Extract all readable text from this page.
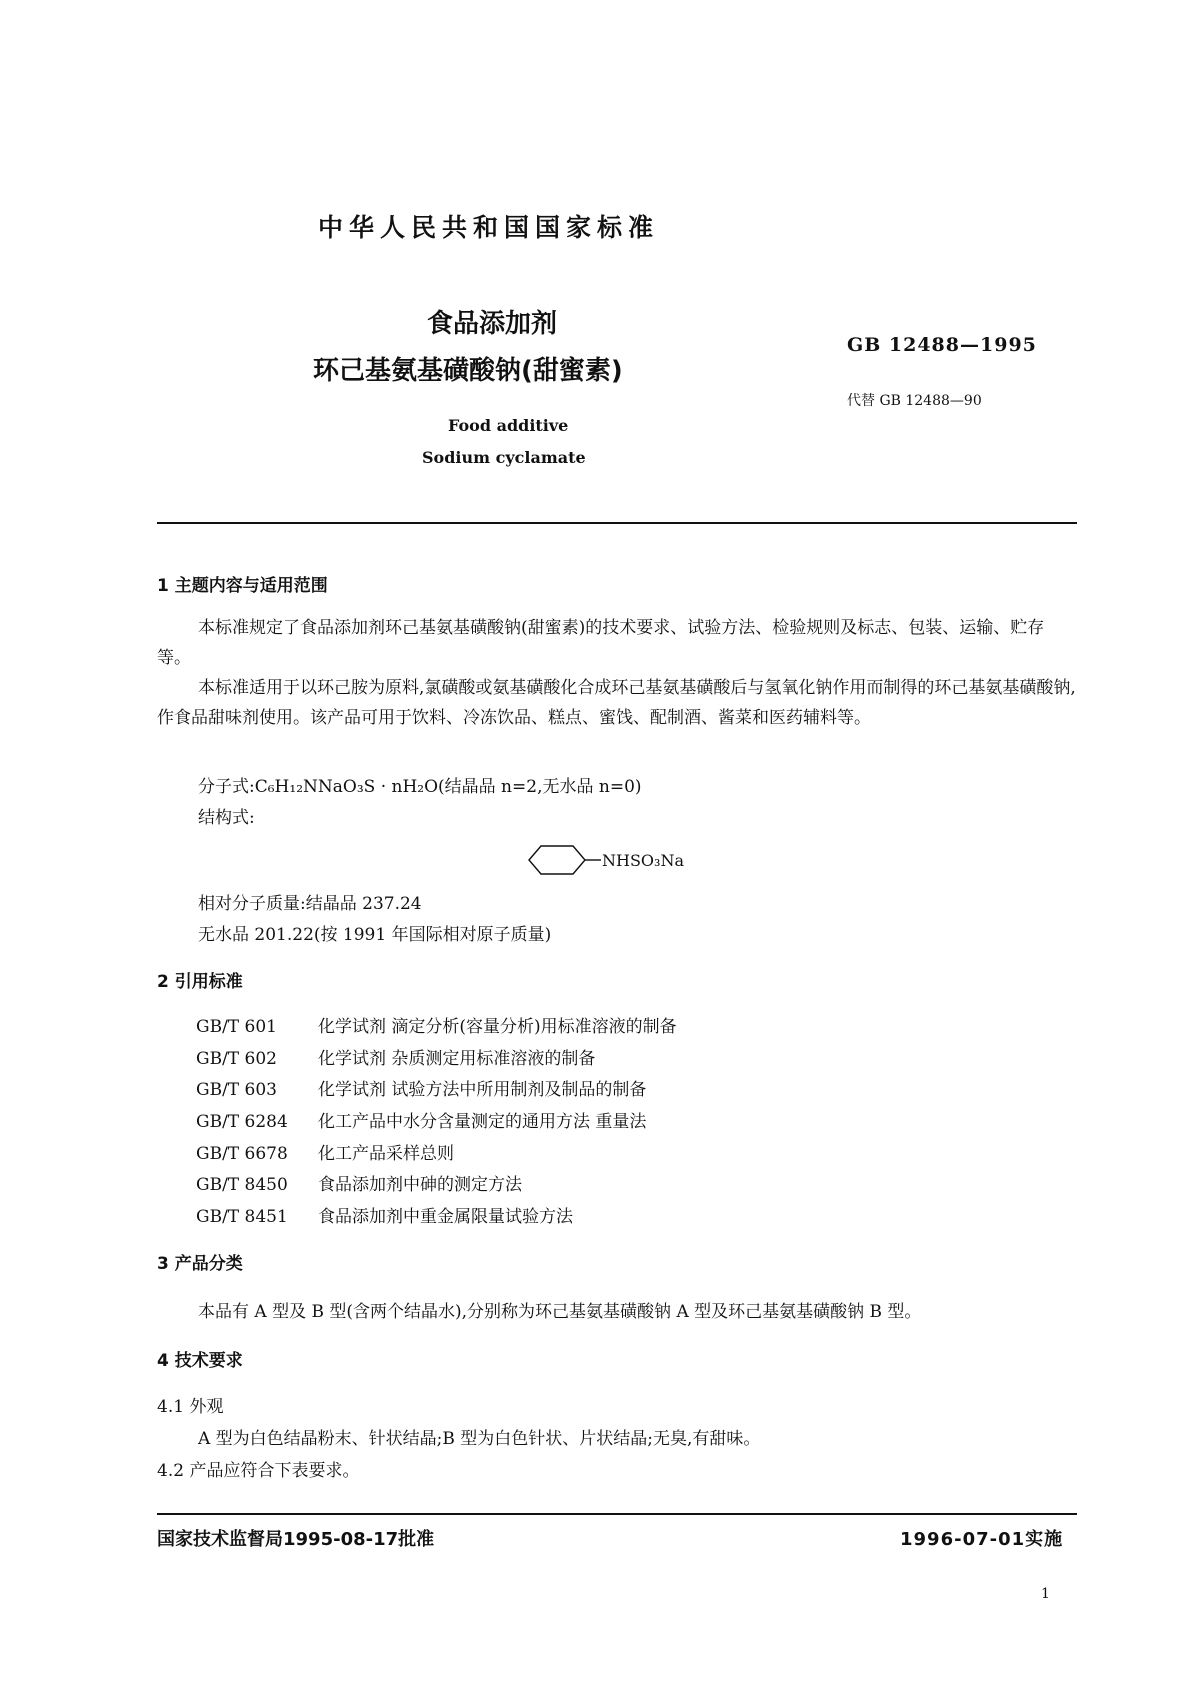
中华人民共和国国家标准
食品添加剂
环己基氨基磺酸钠(甜蜜素)
GB 12488—1995
代替 GB 12488—90
Food additive
Sodium cyclamate
1 主题内容与适用范围
本标准规定了食品添加剂环己基氨基磺酸钠(甜蜜素)的技术要求、试验方法、检验规则及标志、包装、运输、贮存等。
本标准适用于以环己胺为原料,氯磺酸或氨基磺酸化合成环己基氨基磺酸后与氢氧化钠作用而制得的环己基氨基磺酸钠,作食品甜味剂使用。该产品可用于饮料、冷冻饮品、糕点、蜜饯、配制酒、酱菜和医药辅料等。
分子式:C₆H₁₂NNaO₃S · nH₂O(结晶品 n=2,无水品 n=0)
结构式:
NHSO₃Na
相对分子质量:结晶品 237.24
无水品 201.22(按 1991 年国际相对原子质量)
2 引用标准
GB/T 601 化学试剂 滴定分析(容量分析)用标准溶液的制备
GB/T 602 化学试剂 杂质测定用标准溶液的制备
GB/T 603 化学试剂 试验方法中所用制剂及制品的制备
GB/T 6284 化工产品中水分含量测定的通用方法 重量法
GB/T 6678 化工产品采样总则
GB/T 8450 食品添加剂中砷的测定方法
GB/T 8451 食品添加剂中重金属限量试验方法
3 产品分类
本品有 A 型及 B 型(含两个结晶水),分别称为环己基氨基磺酸钠 A 型及环己基氨基磺酸钠 B 型。
4 技术要求
4.1 外观
A 型为白色结晶粉末、针状结晶;B 型为白色针状、片状结晶;无臭,有甜味。
4.2 产品应符合下表要求。
国家技术监督局1995-08-17批准	1996-07-01实施
1
